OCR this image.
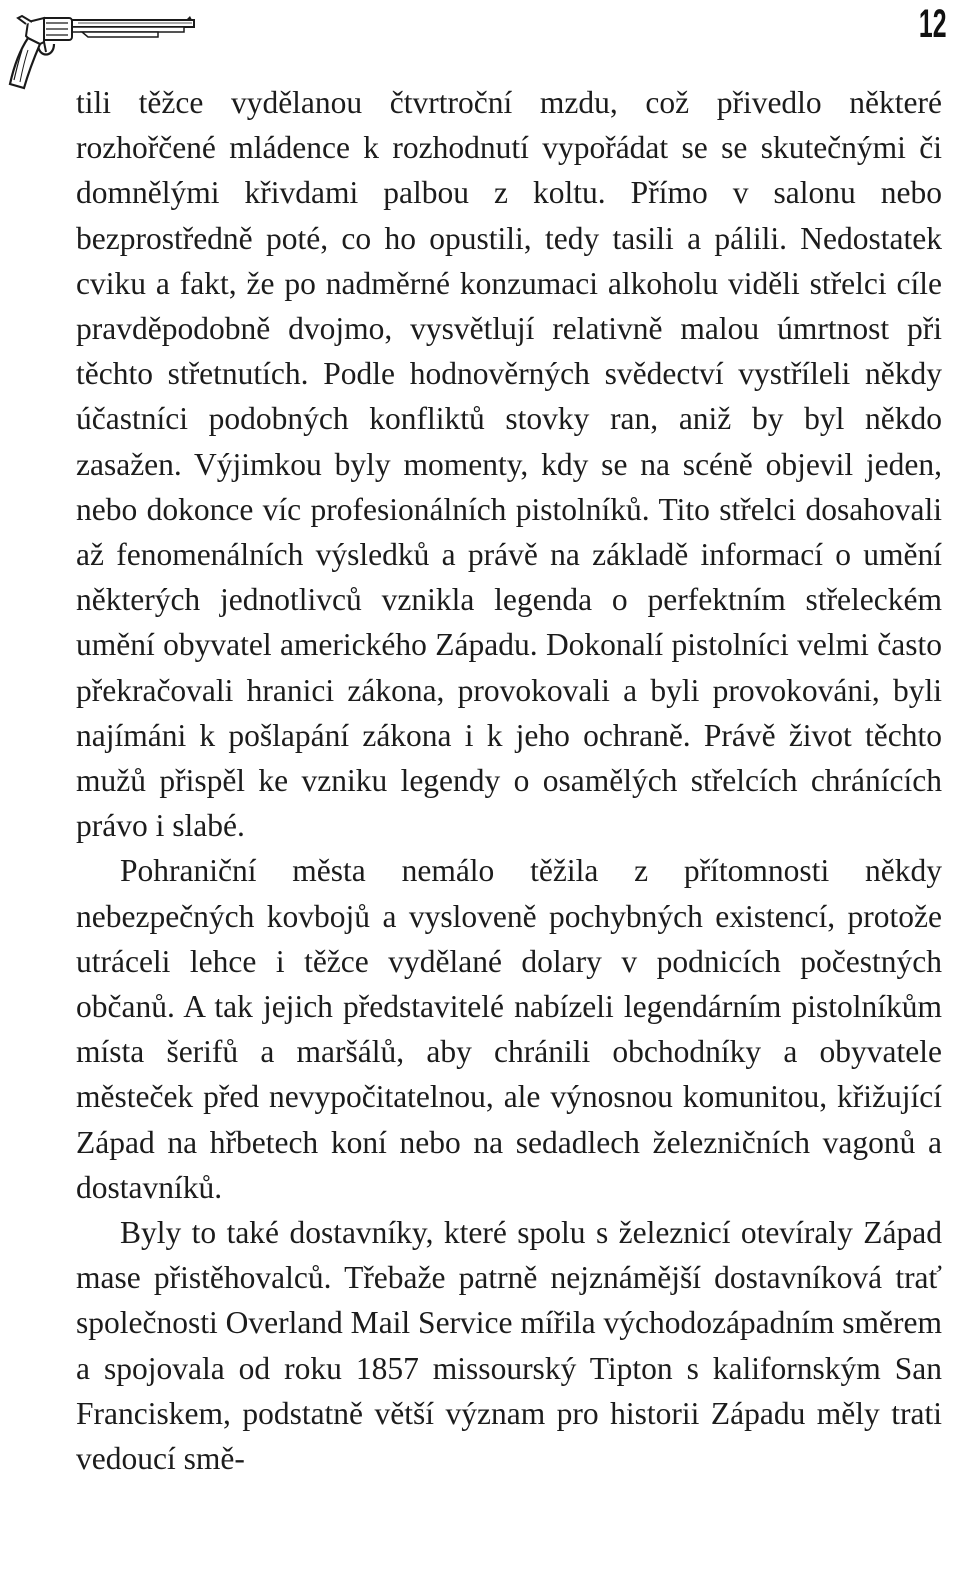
12

tili těžce vydělanou čtvrtroční mzdu, což přivedlo některé rozhořčené mládence k rozhodnutí vypořádat se se skutečnými či domnělými křivdami palbou z koltu. Přímo v salonu nebo bezprostředně poté, co ho opustili, tedy tasili a pálili. Nedostatek cviku a fakt, že po nadměrné konzumaci alkoholu viděli střelci cíle pravděpodobně dvojmo, vysvětlují relativně malou úmrtnost při těchto střetnutích. Podle hodnověrných svědectví vystříleli někdy účastníci podobných konfliktů stovky ran, aniž by byl někdo zasažen. Výjimkou byly momenty, kdy se na scéně objevil jeden, nebo dokonce víc profesionálních pistolníků. Tito střelci dosahovali až fenomenálních výsledků a právě na základě informací o umění některých jednotlivců vznikla legenda o perfektním střeleckém umění obyvatel amerického Západu. Dokonalí pistolníci velmi často překračovali hranici zákona, provokovali a byli provokováni, byli najímáni k pošlapání zákona i k jeho ochraně. Právě život těchto mužů přispěl ke vzniku legendy o osamělých střelcích chránících právo i slabé.

Pohraniční města nemálo těžila z přítomnosti někdy nebezpečných kovbojů a vysloveně pochybných existencí, protože utráceli lehce i těžce vydělané dolary v podnicích počestných občanů. A tak jejich představitelé nabízeli legendárním pistolníkům místa šerifů a maršálů, aby chránili obchodníky a obyvatele městeček před nevypočitatelnou, ale výnosnou komunitou, křižující Západ na hřbetech koní nebo na sedadlech železničních vagonů a dostavníků.

Byly to také dostavníky, které spolu s železnicí otevíraly Západ mase přistěhovalců. Třebaže patrně nejznámější dostavníková trať společnosti Overland Mail Service mířila východozápadním směrem a spojovala od roku 1857 missourský Tipton s kalifornským San Franciskem, podstatně větší význam pro historii Západu měly trati vedoucí smě-
